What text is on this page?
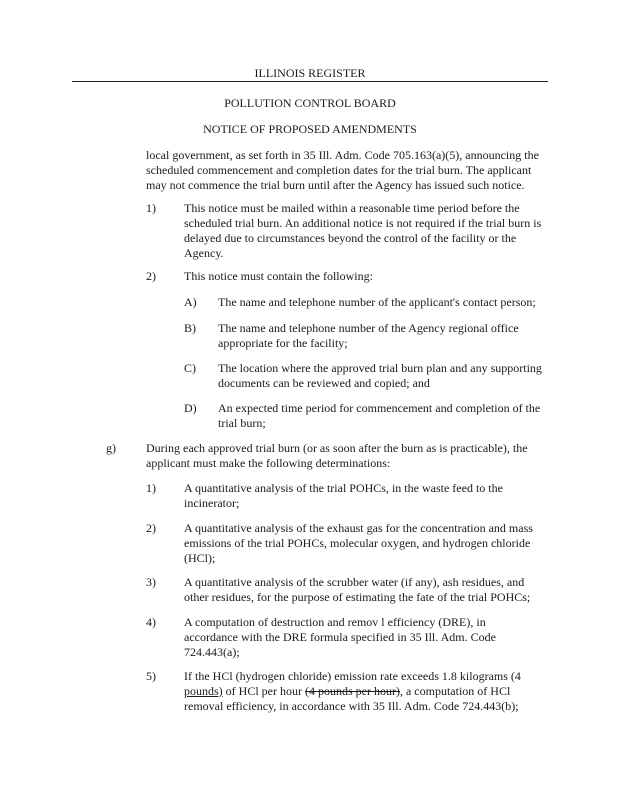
ILLINOIS REGISTER
POLLUTION CONTROL BOARD
NOTICE OF PROPOSED AMENDMENTS
local government, as set forth in 35 Ill. Adm. Code 705.163(a)(5), announcing the scheduled commencement and completion dates for the trial burn. The applicant may not commence the trial burn until after the Agency has issued such notice.
1) This notice must be mailed within a reasonable time period before the scheduled trial burn. An additional notice is not required if the trial burn is delayed due to circumstances beyond the control of the facility or the Agency.
2) This notice must contain the following:
A) The name and telephone number of the applicant's contact person;
B) The name and telephone number of the Agency regional office appropriate for the facility;
C) The location where the approved trial burn plan and any supporting documents can be reviewed and copied; and
D) An expected time period for commencement and completion of the trial burn;
g)	During each approved trial burn (or as soon after the burn as is practicable), the applicant must make the following determinations:
1) A quantitative analysis of the trial POHCs, in the waste feed to the incinerator;
2) A quantitative analysis of the exhaust gas for the concentration and mass emissions of the trial POHCs, molecular oxygen, and hydrogen chloride (HCl);
3) A quantitative analysis of the scrubber water (if any), ash residues, and other residues, for the purpose of estimating the fate of the trial POHCs;
4) A computation of destruction and remov l efficiency (DRE), in accordance with the DRE formula specified in 35 Ill. Adm. Code 724.443(a);
5) If the HCl (hydrogen chloride) emission rate exceeds 1.8 kilograms (4 pounds) of HCl per hour (4 pounds per hour), a computation of HCl removal efficiency, in accordance with 35 Ill. Adm. Code 724.443(b);
